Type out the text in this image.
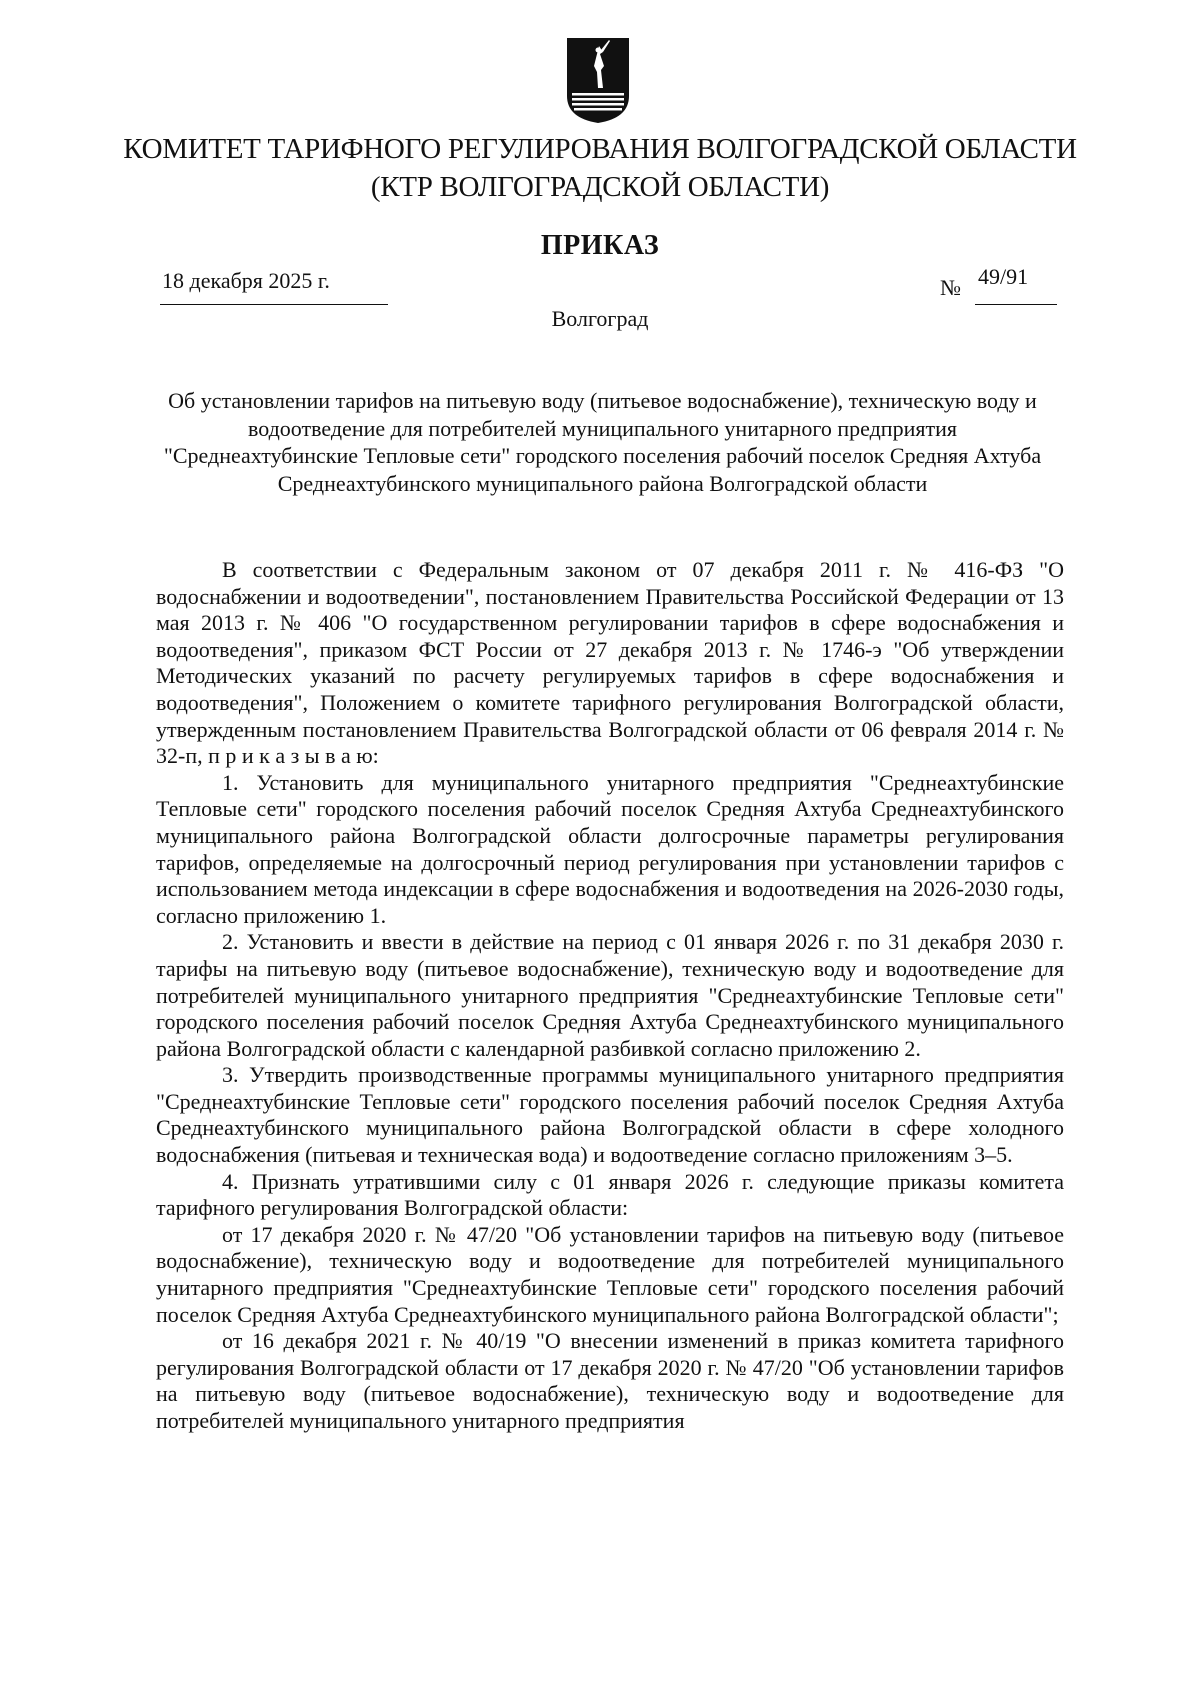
КОМИТЕТ ТАРИФНОГО РЕГУЛИРОВАНИЯ ВОЛГОГРАДСКОЙ ОБЛАСТИ
(КТР ВОЛГОГРАДСКОЙ ОБЛАСТИ)
ПРИКАЗ
18 декабря 2025 г.	№ 49/91
Волгоград
Об установлении тарифов на питьевую воду (питьевое водоснабжение), техническую воду и водоотведение для потребителей муниципального унитарного предприятия "Среднеахтубинские Тепловые сети" городского поселения рабочий поселок Средняя Ахтуба Среднеахтубинского муниципального района Волгоградской области

В соответствии с Федеральным законом от 07 декабря 2011 г. № 416-ФЗ "О водоснабжении и водоотведении", постановлением Правительства Российской Федерации от 13 мая 2013 г. № 406 "О государственном регулировании тарифов в сфере водоснабжения и водоотведения", приказом ФСТ России от 27 декабря 2013 г. № 1746-э "Об утверждении Методических указаний по расчету регулируемых тарифов в сфере водоснабжения и водоотведения", Положением о комитете тарифного регулирования Волгоградской области, утвержденным постановлением Правительства Волгоградской области от 06 февраля 2014 г. № 32-п, п р и к а з ы в а ю:

1. Установить для муниципального унитарного предприятия "Среднеахтубинские Тепловые сети" городского поселения рабочий поселок Средняя Ахтуба Среднеахтубинского муниципального района Волгоградской области долгосрочные параметры регулирования тарифов, определяемые на долгосрочный период регулирования при установлении тарифов с использованием метода индексации в сфере водоснабжения и водоотведения на 2026-2030 годы, согласно приложению 1.

2. Установить и ввести в действие на период с 01 января 2026 г. по 31 декабря 2030 г. тарифы на питьевую воду (питьевое водоснабжение), техническую воду и водоотведение для потребителей муниципального унитарного предприятия "Среднеахтубинские Тепловые сети" городского поселения рабочий поселок Средняя Ахтуба Среднеахтубинского муниципального района Волгоградской области с календарной разбивкой согласно приложению 2.

3. Утвердить производственные программы муниципального унитарного предприятия "Среднеахтубинские Тепловые сети" городского поселения рабочий поселок Средняя Ахтуба Среднеахтубинского муниципального района Волгоградской области в сфере холодного водоснабжения (питьевая и техническая вода) и водоотведение согласно приложениям 3–5.

4. Признать утратившими силу с 01 января 2026 г. следующие приказы комитета тарифного регулирования Волгоградской области:

от 17 декабря 2020 г. № 47/20 "Об установлении тарифов на питьевую воду (питьевое водоснабжение), техническую воду и водоотведение для потребителей муниципального унитарного предприятия "Среднеахтубинские Тепловые сети" городского поселения рабочий поселок Средняя Ахтуба Среднеахтубинского муниципального района Волгоградской области";

от 16 декабря 2021 г. № 40/19 "О внесении изменений в приказ комитета тарифного регулирования Волгоградской области от 17 декабря 2020 г. № 47/20 "Об установлении тарифов на питьевую воду (питьевое водоснабжение), техническую воду и водоотведение для потребителей муниципального унитарного предприятия
